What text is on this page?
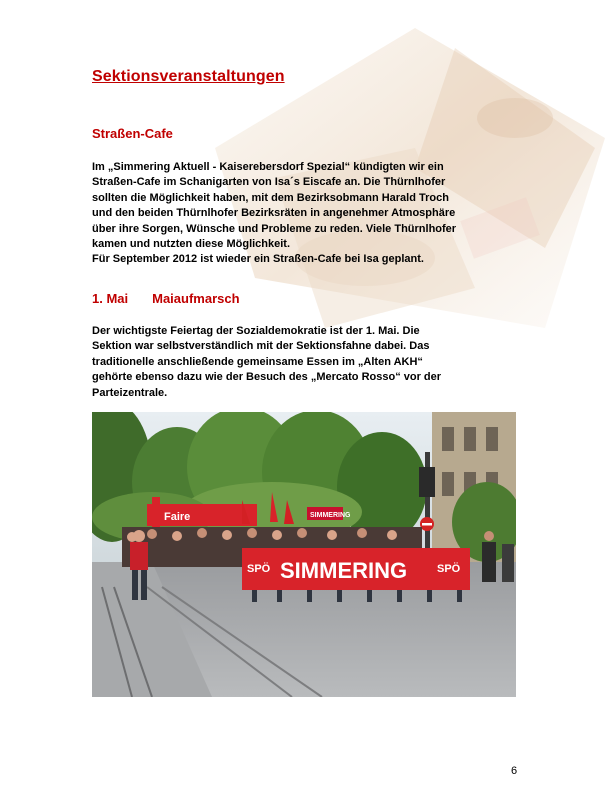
Sektionsveranstaltungen
Straßen-Cafe
Im „Simmering Aktuell - Kaiserebersdorf Spezial“ kündigten wir ein
Straßen-Cafe im Schanigarten von Isa´s Eiscafe an. Die Thürnlhofer
sollten die Möglichkeit haben, mit dem Bezirksobmann Harald Troch
und den beiden Thürnlhofer Bezirksräten in angenehmer Atmosphäre
über ihre Sorgen, Wünsche und Probleme zu reden. Viele Thürnlhofer
kamen und nutzten diese Möglichkeit.
Für September 2012 ist wieder ein Straßen-Cafe bei Isa geplant.
1. Mai Maiaufmarsch
Der wichtigste Feiertag der Sozialdemokratie ist der 1. Mai. Die
Sektion war selbstverständlich mit der Sektionsfahne dabei. Das
traditionelle anschließende gemeinsame Essen im „Alten AKH“
gehörte ebenso dazu wie der Besuch des „Mercato Rosso“ vor der
Parteizentrale.
Faire	SIMMERING
SPÖ SIMMERING	SPÖ
6
